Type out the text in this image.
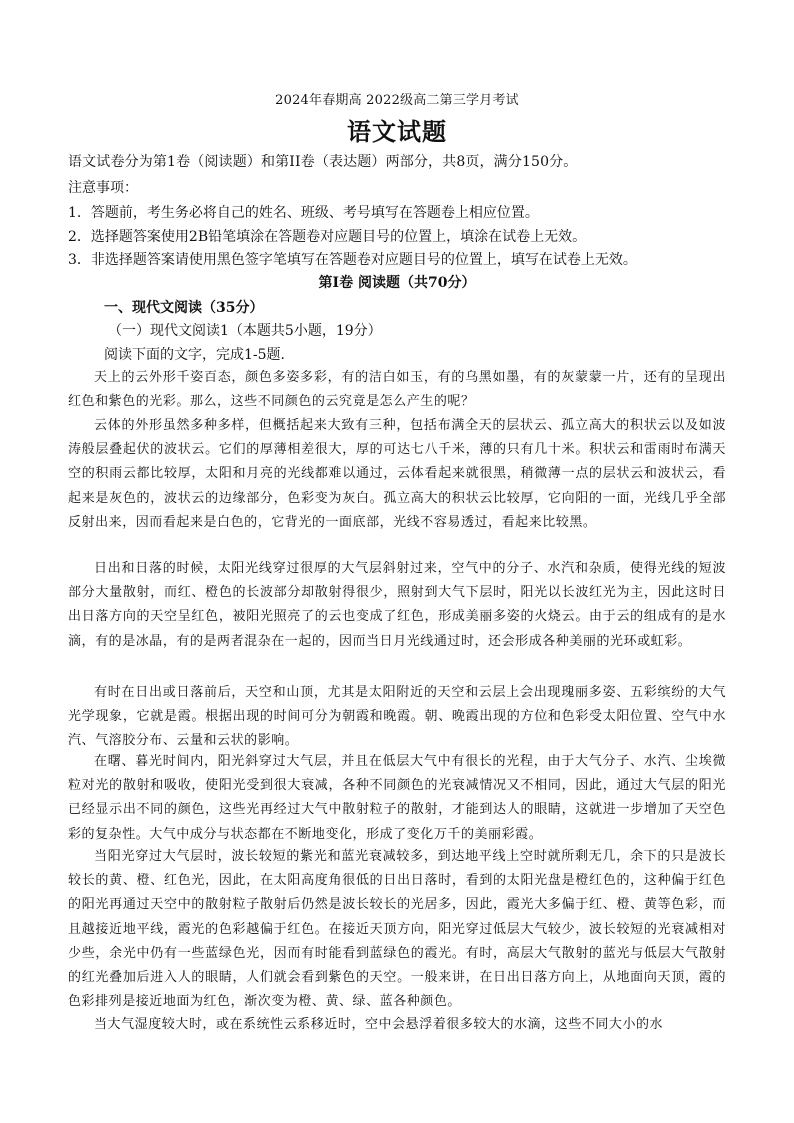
2024年春期高 2022级高二第三学月考试
语文试题
语文试卷分为第1卷（阅读题）和第II卷（表达题）两部分，共8页，满分150分。
注意事项：
1．答题前，考生务必将自己的姓名、班级、考号填写在答题卷上相应位置。
2．选择题答案使用2B铅笔填涂在答题卷对应题目号的位置上，填涂在试卷上无效。
3．非选择题答案请使用黑色签字笔填写在答题卷对应题目号的位置上，填写在试卷上无效。
第I卷 阅读题（共70分）
一、现代文阅读（35分）
（一）现代文阅读1（本题共5小题，19分）
阅读下面的文字，完成1-5题．

天上的云外形千姿百态，颜色多姿多彩，有的洁白如玉，有的乌黑如墨，有的灰蒙蒙一片，还有的呈现出红色和紫色的光彩。那么，这些不同颜色的云究竟是怎么产生的呢？

云体的外形虽然多种多样，但概括起来大致有三种，包括布满全天的层状云、孤立高大的积状云以及如波涛般层叠起伏的波状云。它们的厚薄相差很大，厚的可达七八千米，薄的只有几十米。积状云和雷雨时布满天空的积雨云都比较厚，太阳和月亮的光线都难以通过，云体看起来就很黑，稍微薄一点的层状云和波状云，看起来是灰色的，波状云的边缘部分，色彩变为灰白。孤立高大的积状云比较厚，它向阳的一面，光线几乎全部反射出来，因而看起来是白色的，它背光的一面底部，光线不容易透过，看起来比较黑。

日出和日落的时候，太阳光线穿过很厚的大气层斜射过来，空气中的分子、水汽和杂质，使得光线的短波部分大量散射，而红、橙色的长波部分却散射得很少，照射到大气下层时，阳光以长波红光为主，因此这时日出日落方向的天空呈红色，被阳光照亮了的云也变成了红色，形成美丽多姿的火烧云。由于云的组成有的是水滴，有的是冰晶，有的是两者混杂在一起的，因而当日月光线通过时，还会形成各种美丽的光环或虹彩。

有时在日出或日落前后，天空和山顶，尤其是太阳附近的天空和云层上会出现瑰丽多姿、五彩缤纷的大气光学现象，它就是霞。根据出现的时间可分为朝霞和晚霞。朝、晚霞出现的方位和色彩受太阳位置、空气中水汽、气溶胶分布、云量和云状的影响。

在曙、暮光时间内，阳光斜穿过大气层，并且在低层大气中有很长的光程，由于大气分子、水汽、尘埃微粒对光的散射和吸收，使阳光受到很大衰减，各种不同颜色的光衰减情况又不相同，因此，通过大气层的阳光已经显示出不同的颜色，这些光再经过大气中散射粒子的散射，才能到达人的眼睛，这就进一步增加了天空色彩的复杂性。大气中成分与状态都在不断地变化，形成了变化万千的美丽彩霞。

当阳光穿过大气层时，波长较短的紫光和蓝光衰减较多，到达地平线上空时就所剩无几，余下的只是波长较长的黄、橙、红色光，因此，在太阳高度角很低的日出日落时，看到的太阳光盘是橙红色的，这种偏于红色的阳光再通过天空中的散射粒子散射后仍然是波长较长的光居多，因此，霞光大多偏于红、橙、黄等色彩，而且越接近地平线，霞光的色彩越偏于红色。在接近天顶方向，阳光穿过低层大气较少，波长较短的光衰减相对少些，余光中仍有一些蓝绿色光，因而有时能看到蓝绿色的霞光。有时，高层大气散射的蓝光与低层大气散射的红光叠加后进入人的眼睛，人们就会看到紫色的天空。一般来讲，在日出日落方向上，从地面向天顶，霞的色彩排列是接近地面为红色，渐次变为橙、黄、绿、蓝各种颜色。

当大气湿度较大时，或在系统性云系移近时，空中会悬浮着很多较大的水滴，这些不同大小的水
